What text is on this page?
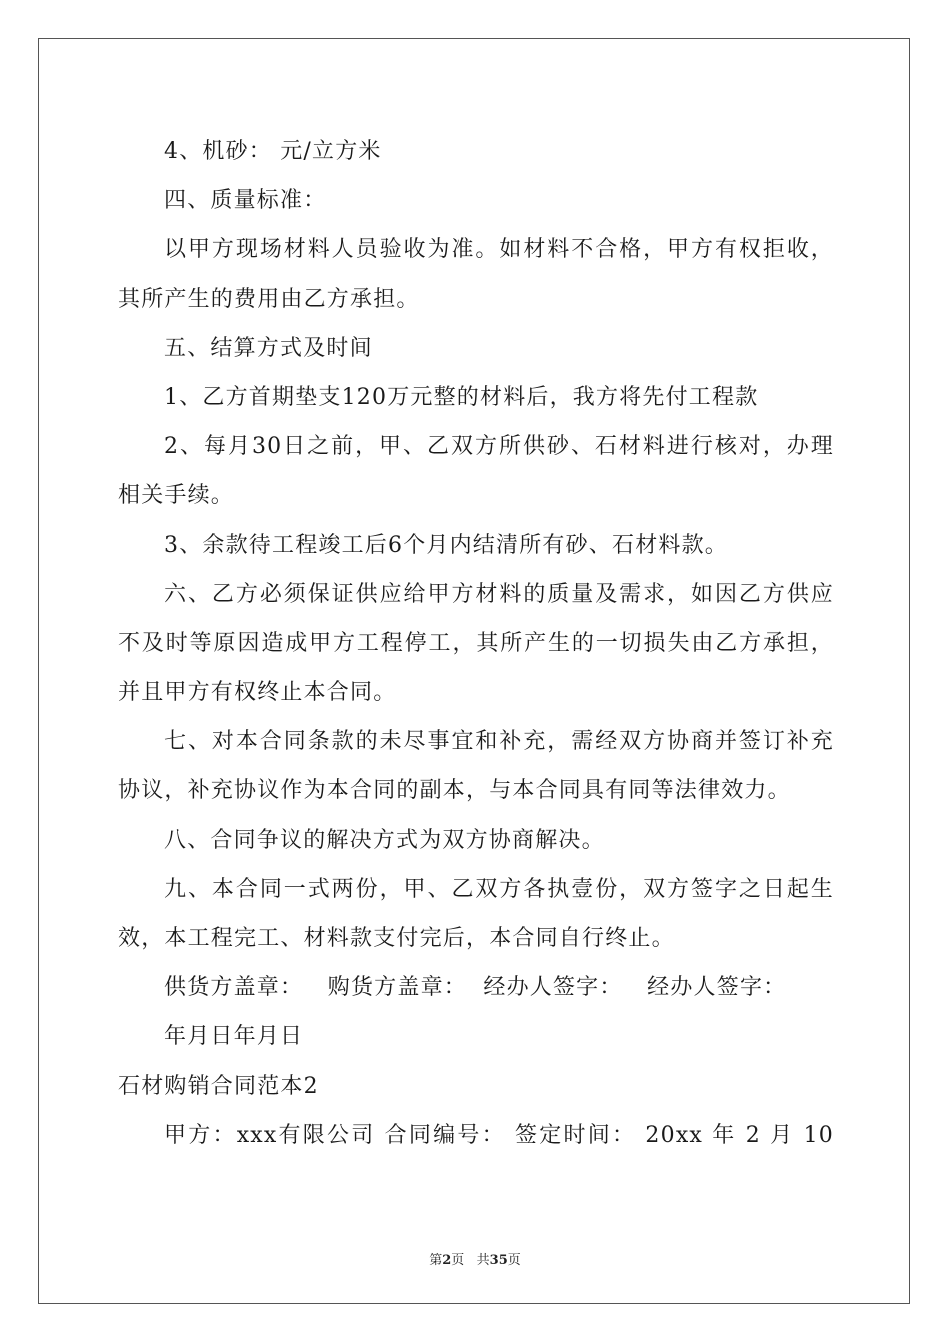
4、机砂： 元/立方米
四、质量标准：
以甲方现场材料人员验收为准。如材料不合格，甲方有权拒收，
其所产生的费用由乙方承担。
五、结算方式及时间
1、乙方首期垫支120万元整的材料后，我方将先付工程款
2、每月30日之前，甲、乙双方所供砂、石材料进行核对，办理
相关手续。
3、余款待工程竣工后6个月内结清所有砂、石材料款。
六、乙方必须保证供应给甲方材料的质量及需求，如因乙方供应
不及时等原因造成甲方工程停工，其所产生的一切损失由乙方承担，
并且甲方有权终止本合同。
七、对本合同条款的未尽事宜和补充，需经双方协商并签订补充
协议，补充协议作为本合同的副本，与本合同具有同等法律效力。
八、合同争议的解决方式为双方协商解决。
九、本合同一式两份，甲、乙双方各执壹份，双方签字之日起生
效，本工程完工、材料款支付完后，本合同自行终止。
供货方盖章：   购货方盖章：  经办人签字：   经办人签字：
年月日年月日
石材购销合同范本2
甲方：xxx有限公司 合同编号： 签定时间： 20xx 年 2 月 10
第2页   共35页
